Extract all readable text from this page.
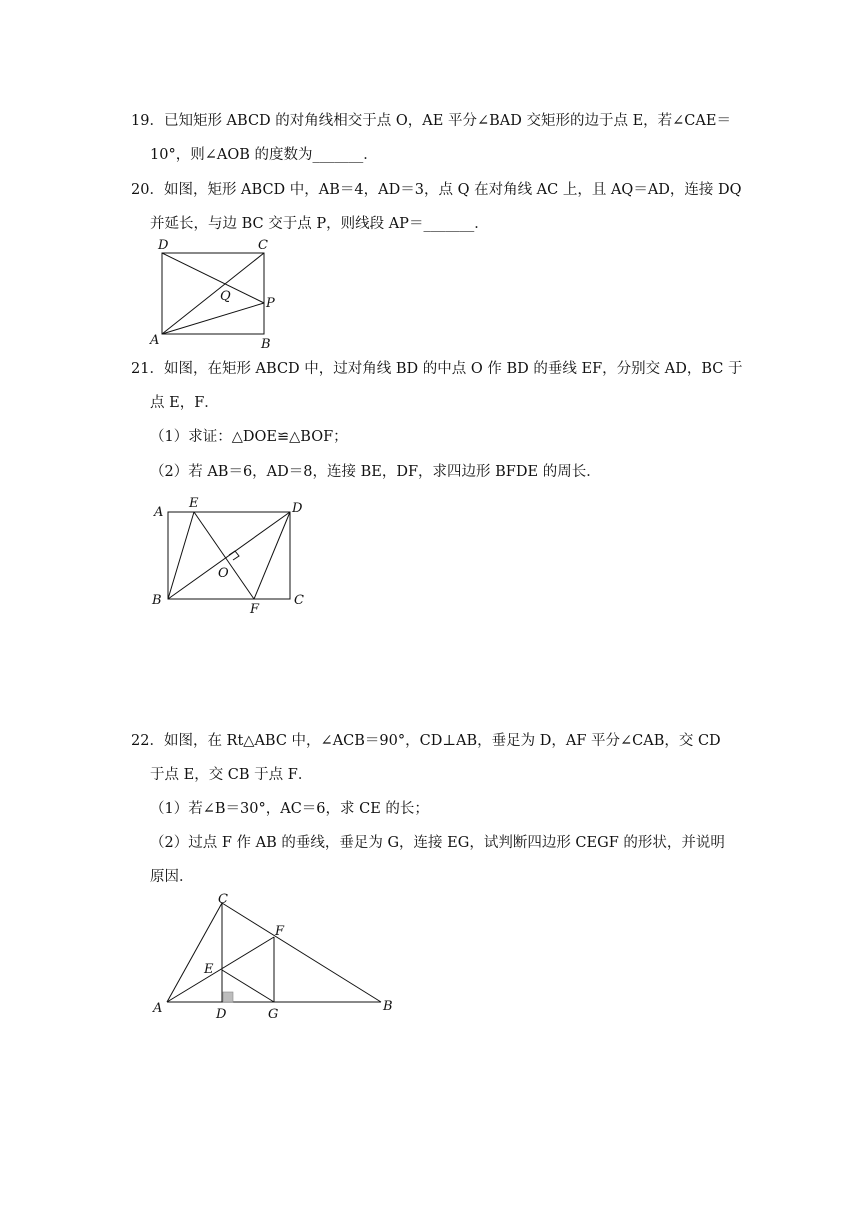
19．已知矩形 ABCD 的对角线相交于点 O，AE 平分∠BAD 交矩形的边于点 E，若∠CAE＝
10°，则∠AOB 的度数为_______．
20．如图，矩形 ABCD 中，AB＝4，AD＝3，点 Q 在对角线 AC 上，且 AQ＝AD，连接 DQ
并延长，与边 BC 交于点 P，则线段 AP＝_______．
D	C
Q	P
A	B
21．如图，在矩形 ABCD 中，过对角线 BD 的中点 O 作 BD 的垂线 EF，分别交 AD，BC 于
点 E，F．
（1）求证：△DOE≌△BOF；
（2）若 AB＝6，AD＝8，连接 BE，DF，求四边形 BFDE 的周长．
A
E	D
O
B
F
C
22．如图，在 Rt△ABC 中，∠ACB＝90°，CD⊥AB，垂足为 D，AF 平分∠CAB，交 CD
于点 E，交 CB 于点 F．
（1）若∠B＝30°，AC＝6，求 CE 的长；
（2）过点 F 作 AB 的垂线，垂足为 G，连接 EG，试判断四边形 CEGF 的形状，并说明
原因．
C
F
E
A	D	G
B
